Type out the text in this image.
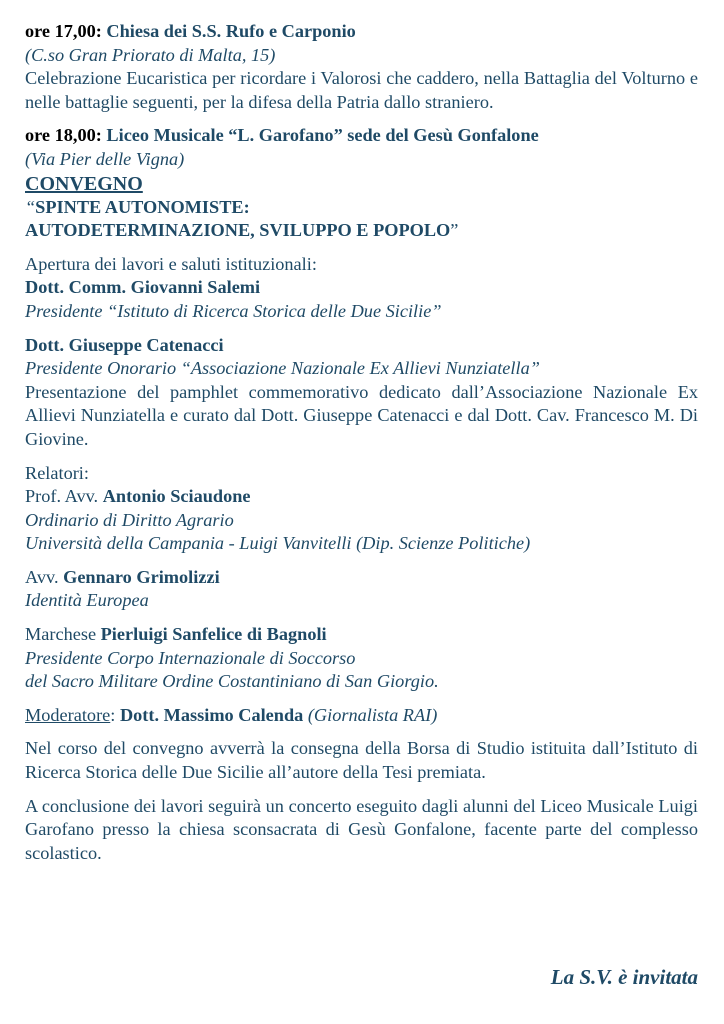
ore 17,00: Chiesa dei S.S. Rufo e Carponio

(C.so Gran Priorato di Malta, 15)

Celebrazione Eucaristica per ricordare i Valorosi che caddero, nella Battaglia del Volturno e nelle battaglie seguenti, per la difesa della Patria dallo straniero.

ore 18,00: Liceo Musicale “L. Garofano” sede del Gesù Gonfalone

(Via Pier delle Vigna)

CONVEGNO

“SPINTE AUTONOMISTE:

AUTODETERMINAZIONE, SVILUPPO E POPOLO”

Apertura dei lavori e saluti istituzionali:

Dott. Comm. Giovanni Salemi

Presidente “Istituto di Ricerca Storica delle Due Sicilie”

Dott. Giuseppe Catenacci

Presidente Onorario “Associazione Nazionale Ex Allievi Nunziatella”

Presentazione del pamphlet commemorativo dedicato dall’Associazione Nazionale Ex Allievi Nunziatella e curato dal Dott. Giuseppe Catenacci e dal Dott. Cav. Francesco M. Di Giovine.

Relatori:

Prof. Avv. Antonio Sciaudone

Ordinario di Diritto Agrario

Università della Campania - Luigi Vanvitelli (Dip. Scienze Politiche)

Avv. Gennaro Grimolizzi

Identità Europea

Marchese Pierluigi Sanfelice di Bagnoli

Presidente Corpo Internazionale di Soccorso

del Sacro Militare Ordine Costantiniano di San Giorgio.

Moderatore: Dott. Massimo Calenda (Giornalista RAI)

Nel corso del convegno avverrà la consegna della Borsa di Studio istituita dall’Istituto di Ricerca Storica delle Due Sicilie all’autore della Tesi premiata.

A conclusione dei lavori seguirà un concerto eseguito dagli alunni del Liceo Musicale Luigi Garofano presso la chiesa sconsacrata di Gesù Gonfalone, facente parte del complesso scolastico.

La S.V. è invitata
